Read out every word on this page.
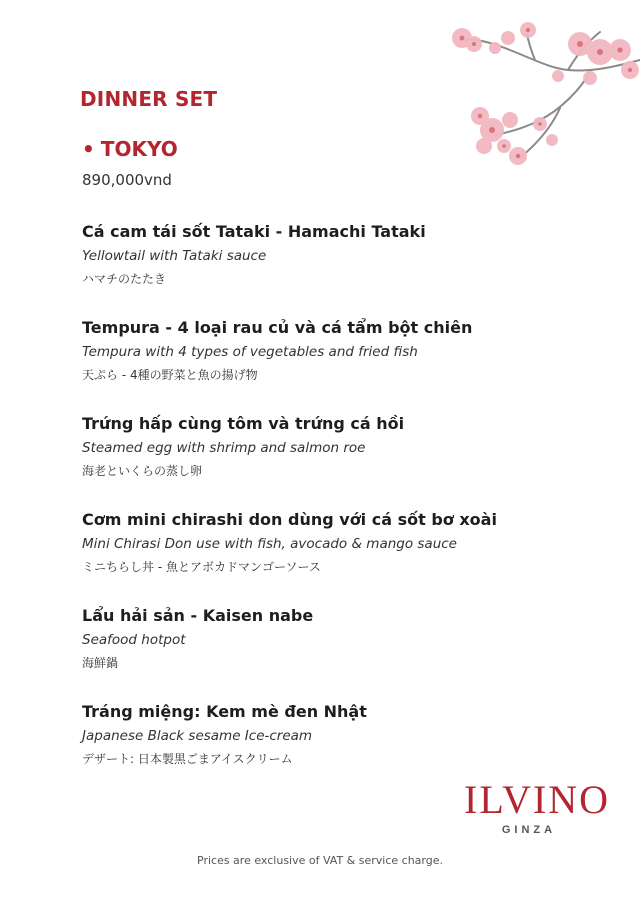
DINNER SET
• TOKYO
890,000vnd
Cá cam tái sốt Tataki - Hamachi Tataki
Yellowtail with Tataki sauce
ハマチのたたき
Tempura - 4 loại rau củ và cá tẩm bột chiên
Tempura with 4 types of vegetables and fried fish
天ぷら - 4種の野菜と魚の揚げ物
Trứng hấp cùng tôm và trứng cá hồi
Steamed egg with shrimp and salmon roe
海老といくらの蒸し卵
Cơm mini chirashi don dùng với cá sốt bơ xoài
Mini Chirasi Don use with fish, avocado & mango sauce
ミニちらし丼 - 魚とアボカドマンゴーソース
Lẩu hải sản - Kaisen nabe
Seafood hotpot
海鮮鍋
Tráng miệng: Kem mè đen Nhật
Japanese Black sesame Ice-cream
デザート: 日本製黒ごまアイスクリーム
ILVINO
GINZA
Prices are exclusive of VAT & service charge.
